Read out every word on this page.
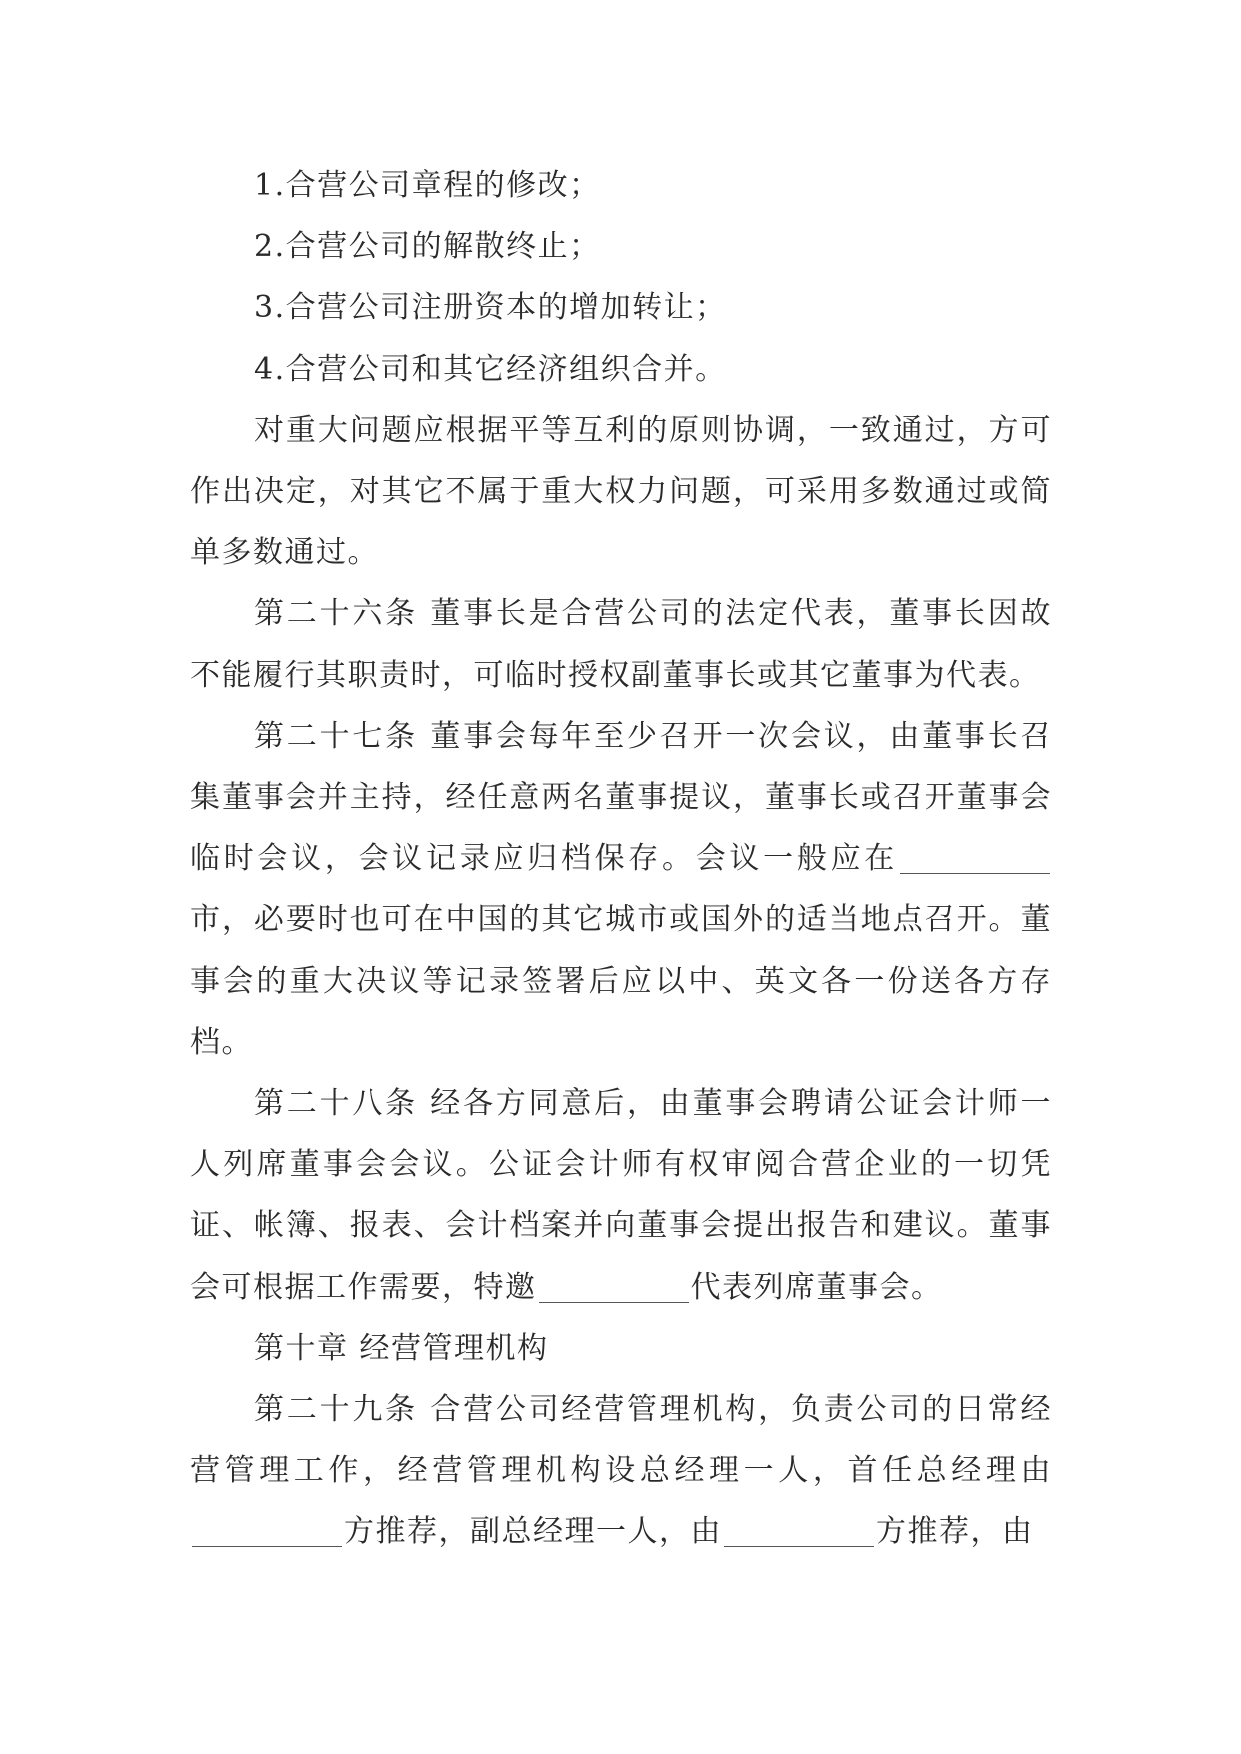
1.合营公司章程的修改；

2.合营公司的解散终止；

3.合营公司注册资本的增加转让；

4.合营公司和其它经济组织合并。

对重大问题应根据平等互利的原则协调，一致通过，方可作出决定，对其它不属于重大权力问题，可采用多数通过或简单多数通过。

第二十六条 董事长是合营公司的法定代表，董事长因故不能履行其职责时，可临时授权副董事长或其它董事为代表。

第二十七条 董事会每年至少召开一次会议，由董事长召集董事会并主持，经任意两名董事提议，董事长或召开董事会临时会议，会议记录应归档保存。会议一般应在市，必要时也可在中国的其它城市或国外的适当地点召开。董事会的重大决议等记录签署后应以中、英文各一份送各方存档。

第二十八条 经各方同意后，由董事会聘请公证会计师一人列席董事会会议。公证会计师有权审阅合营企业的一切凭证、帐簿、报表、会计档案并向董事会提出报告和建议。董事会可根据工作需要，特邀	代表列席董事会。

第十章 经营管理机构

第二十九条 合营公司经营管理机构，负责公司的日常经营管理工作，经营管理机构设总经理一人，首任总经理由方推荐，副总经理一人，由	方推荐，由
